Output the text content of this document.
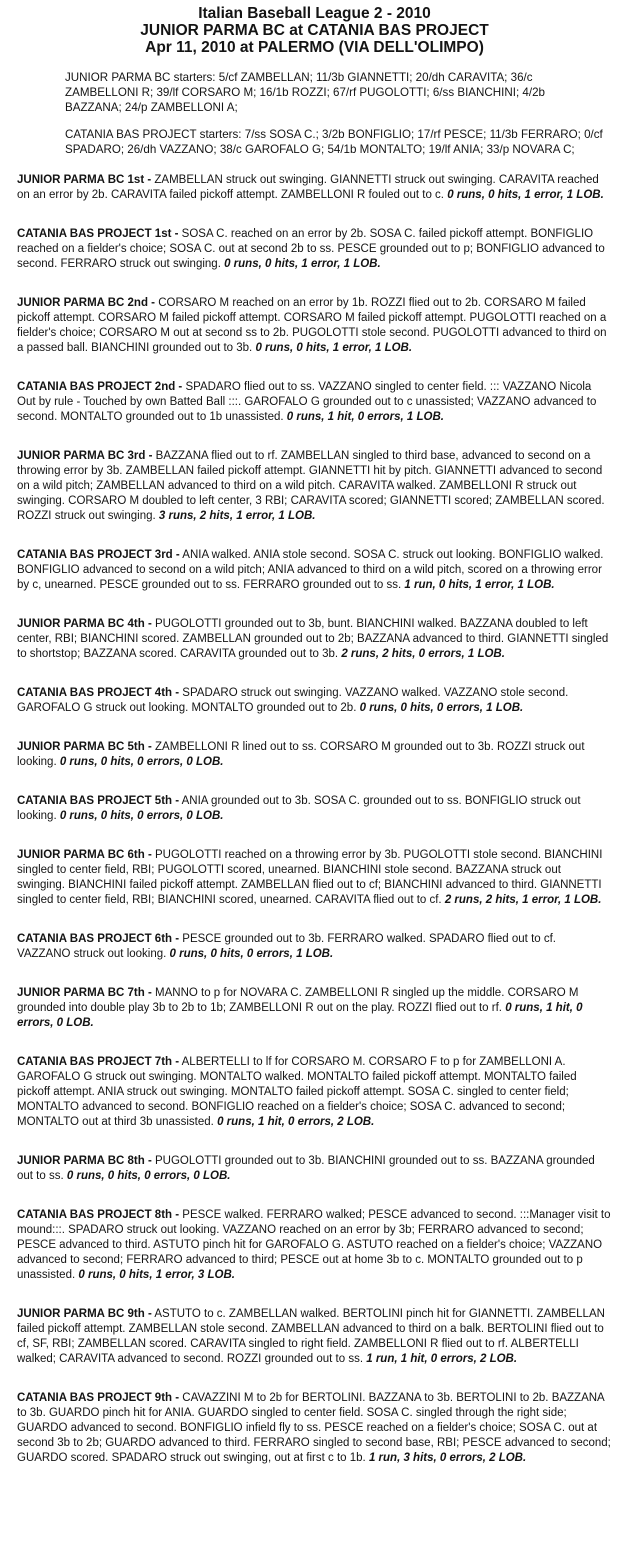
Italian Baseball League 2 - 2010
JUNIOR PARMA BC at CATANIA BAS PROJECT
Apr 11, 2010 at PALERMO (VIA DELL'OLIMPO)
JUNIOR PARMA BC starters: 5/cf ZAMBELLAN; 11/3b GIANNETTI; 20/dh CARAVITA; 36/c ZAMBELLONI R; 39/lf CORSARO M; 16/1b ROZZI; 67/rf PUGOLOTTI; 6/ss BIANCHINI; 4/2b BAZZANA; 24/p ZAMBELLONI A;
CATANIA BAS PROJECT starters: 7/ss SOSA C.; 3/2b BONFIGLIO; 17/rf PESCE; 11/3b FERRARO; 0/cf SPADARO; 26/dh VAZZANO; 38/c GAROFALO G; 54/1b MONTALTO; 19/lf ANIA; 33/p NOVARA C;
JUNIOR PARMA BC 1st - ZAMBELLAN struck out swinging. GIANNETTI struck out swinging. CARAVITA reached on an error by 2b. CARAVITA failed pickoff attempt. ZAMBELLONI R fouled out to c. 0 runs, 0 hits, 1 error, 1 LOB.
CATANIA BAS PROJECT 1st - SOSA C. reached on an error by 2b. SOSA C. failed pickoff attempt. BONFIGLIO reached on a fielder's choice; SOSA C. out at second 2b to ss. PESCE grounded out to p; BONFIGLIO advanced to second. FERRARO struck out swinging. 0 runs, 0 hits, 1 error, 1 LOB.
JUNIOR PARMA BC 2nd - CORSARO M reached on an error by 1b. ROZZI flied out to 2b. CORSARO M failed pickoff attempt. CORSARO M failed pickoff attempt. CORSARO M failed pickoff attempt. PUGOLOTTI reached on a fielder's choice; CORSARO M out at second ss to 2b. PUGOLOTTI stole second. PUGOLOTTI advanced to third on a passed ball. BIANCHINI grounded out to 3b. 0 runs, 0 hits, 1 error, 1 LOB.
CATANIA BAS PROJECT 2nd - SPADARO flied out to ss. VAZZANO singled to center field. ::: VAZZANO Nicola Out by rule - Touched by own Batted Ball :::. GAROFALO G grounded out to c unassisted; VAZZANO advanced to second. MONTALTO grounded out to 1b unassisted. 0 runs, 1 hit, 0 errors, 1 LOB.
JUNIOR PARMA BC 3rd - BAZZANA flied out to rf. ZAMBELLAN singled to third base, advanced to second on a throwing error by 3b. ZAMBELLAN failed pickoff attempt. GIANNETTI hit by pitch. GIANNETTI advanced to second on a wild pitch; ZAMBELLAN advanced to third on a wild pitch. CARAVITA walked. ZAMBELLONI R struck out swinging. CORSARO M doubled to left center, 3 RBI; CARAVITA scored; GIANNETTI scored; ZAMBELLAN scored. ROZZI struck out swinging. 3 runs, 2 hits, 1 error, 1 LOB.
CATANIA BAS PROJECT 3rd - ANIA walked. ANIA stole second. SOSA C. struck out looking. BONFIGLIO walked. BONFIGLIO advanced to second on a wild pitch; ANIA advanced to third on a wild pitch, scored on a throwing error by c, unearned. PESCE grounded out to ss. FERRARO grounded out to ss. 1 run, 0 hits, 1 error, 1 LOB.
JUNIOR PARMA BC 4th - PUGOLOTTI grounded out to 3b, bunt. BIANCHINI walked. BAZZANA doubled to left center, RBI; BIANCHINI scored. ZAMBELLAN grounded out to 2b; BAZZANA advanced to third. GIANNETTI singled to shortstop; BAZZANA scored. CARAVITA grounded out to 3b. 2 runs, 2 hits, 0 errors, 1 LOB.
CATANIA BAS PROJECT 4th - SPADARO struck out swinging. VAZZANO walked. VAZZANO stole second. GAROFALO G struck out looking. MONTALTO grounded out to 2b. 0 runs, 0 hits, 0 errors, 1 LOB.
JUNIOR PARMA BC 5th - ZAMBELLONI R lined out to ss. CORSARO M grounded out to 3b. ROZZI struck out looking. 0 runs, 0 hits, 0 errors, 0 LOB.
CATANIA BAS PROJECT 5th - ANIA grounded out to 3b. SOSA C. grounded out to ss. BONFIGLIO struck out looking. 0 runs, 0 hits, 0 errors, 0 LOB.
JUNIOR PARMA BC 6th - PUGOLOTTI reached on a throwing error by 3b. PUGOLOTTI stole second. BIANCHINI singled to center field, RBI; PUGOLOTTI scored, unearned. BIANCHINI stole second. BAZZANA struck out swinging. BIANCHINI failed pickoff attempt. ZAMBELLAN flied out to cf; BIANCHINI advanced to third. GIANNETTI singled to center field, RBI; BIANCHINI scored, unearned. CARAVITA flied out to cf. 2 runs, 2 hits, 1 error, 1 LOB.
CATANIA BAS PROJECT 6th - PESCE grounded out to 3b. FERRARO walked. SPADARO flied out to cf. VAZZANO struck out looking. 0 runs, 0 hits, 0 errors, 1 LOB.
JUNIOR PARMA BC 7th - MANNO to p for NOVARA C. ZAMBELLONI R singled up the middle. CORSARO M grounded into double play 3b to 2b to 1b; ZAMBELLONI R out on the play. ROZZI flied out to rf. 0 runs, 1 hit, 0 errors, 0 LOB.
CATANIA BAS PROJECT 7th - ALBERTELLI to lf for CORSARO M. CORSARO F to p for ZAMBELLONI A. GAROFALO G struck out swinging. MONTALTO walked. MONTALTO failed pickoff attempt. MONTALTO failed pickoff attempt. ANIA struck out swinging. MONTALTO failed pickoff attempt. SOSA C. singled to center field; MONTALTO advanced to second. BONFIGLIO reached on a fielder's choice; SOSA C. advanced to second; MONTALTO out at third 3b unassisted. 0 runs, 1 hit, 0 errors, 2 LOB.
JUNIOR PARMA BC 8th - PUGOLOTTI grounded out to 3b. BIANCHINI grounded out to ss. BAZZANA grounded out to ss. 0 runs, 0 hits, 0 errors, 0 LOB.
CATANIA BAS PROJECT 8th - PESCE walked. FERRARO walked; PESCE advanced to second. :::Manager visit to mound:::. SPADARO struck out looking. VAZZANO reached on an error by 3b; FERRARO advanced to second; PESCE advanced to third. ASTUTO pinch hit for GAROFALO G. ASTUTO reached on a fielder's choice; VAZZANO advanced to second; FERRARO advanced to third; PESCE out at home 3b to c. MONTALTO grounded out to p unassisted. 0 runs, 0 hits, 1 error, 3 LOB.
JUNIOR PARMA BC 9th - ASTUTO to c. ZAMBELLAN walked. BERTOLINI pinch hit for GIANNETTI. ZAMBELLAN failed pickoff attempt. ZAMBELLAN stole second. ZAMBELLAN advanced to third on a balk. BERTOLINI flied out to cf, SF, RBI; ZAMBELLAN scored. CARAVITA singled to right field. ZAMBELLONI R flied out to rf. ALBERTELLI walked; CARAVITA advanced to second. ROZZI grounded out to ss. 1 run, 1 hit, 0 errors, 2 LOB.
CATANIA BAS PROJECT 9th - CAVAZZINI M to 2b for BERTOLINI. BAZZANA to 3b. BERTOLINI to 2b. BAZZANA to 3b. GUARDO pinch hit for ANIA. GUARDO singled to center field. SOSA C. singled through the right side; GUARDO advanced to second. BONFIGLIO infield fly to ss. PESCE reached on a fielder's choice; SOSA C. out at second 3b to 2b; GUARDO advanced to third. FERRARO singled to second base, RBI; PESCE advanced to second; GUARDO scored. SPADARO struck out swinging, out at first c to 1b. 1 run, 3 hits, 0 errors, 2 LOB.
